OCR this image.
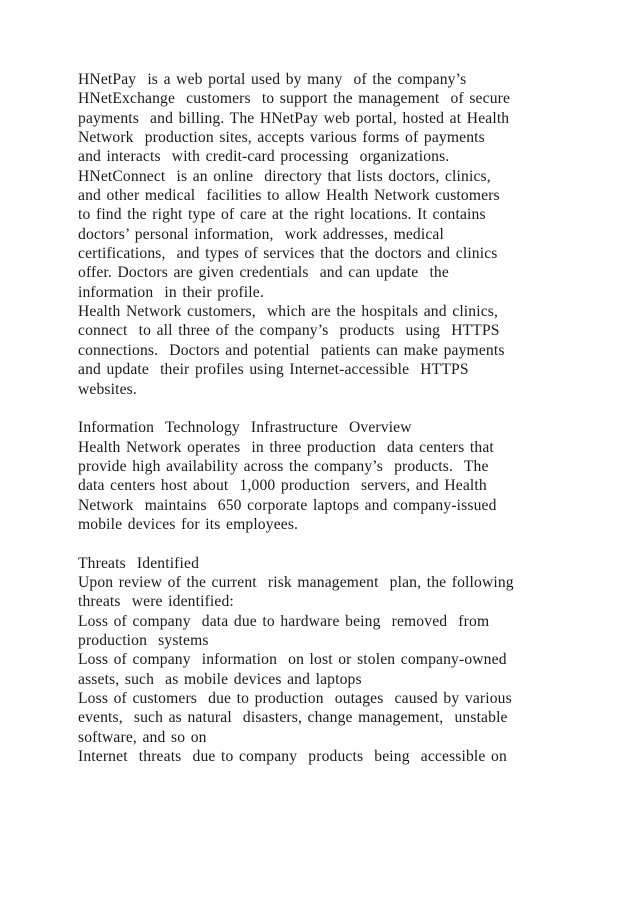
HNetPay  is a web portal used by many  of the company’s
HNetExchange  customers  to support the management  of secure
payments  and billing. The HNetPay web portal, hosted at Health
Network  production sites, accepts various forms of payments
and interacts  with credit-card processing  organizations.
HNetConnect  is an online  directory that lists doctors, clinics,
and other medical  facilities to allow Health Network customers
to find the right type of care at the right locations. It contains
doctors’ personal information,  work addresses, medical
certifications,  and types of services that the doctors and clinics
offer. Doctors are given credentials  and can update  the
information  in their profile.
Health Network customers,  which are the hospitals and clinics,
connect  to all three of the company’s  products  using  HTTPS
connections.  Doctors and potential  patients can make payments
and update  their profiles using Internet-accessible  HTTPS
websites.
Information  Technology  Infrastructure  Overview
Health Network operates  in three production  data centers that
provide high availability across the company’s  products.  The
data centers host about  1,000 production  servers, and Health
Network  maintains  650 corporate laptops and company-issued
mobile devices for its employees.
Threats  Identified
Upon review of the current  risk management  plan, the following
threats  were identified:
Loss of company  data due to hardware being  removed  from
production  systems
Loss of company  information  on lost or stolen company-owned
assets, such  as mobile devices and laptops
Loss of customers  due to production  outages  caused by various
events,  such as natural  disasters, change management,  unstable
software, and so on
Internet  threats  due to company  products  being  accessible on
